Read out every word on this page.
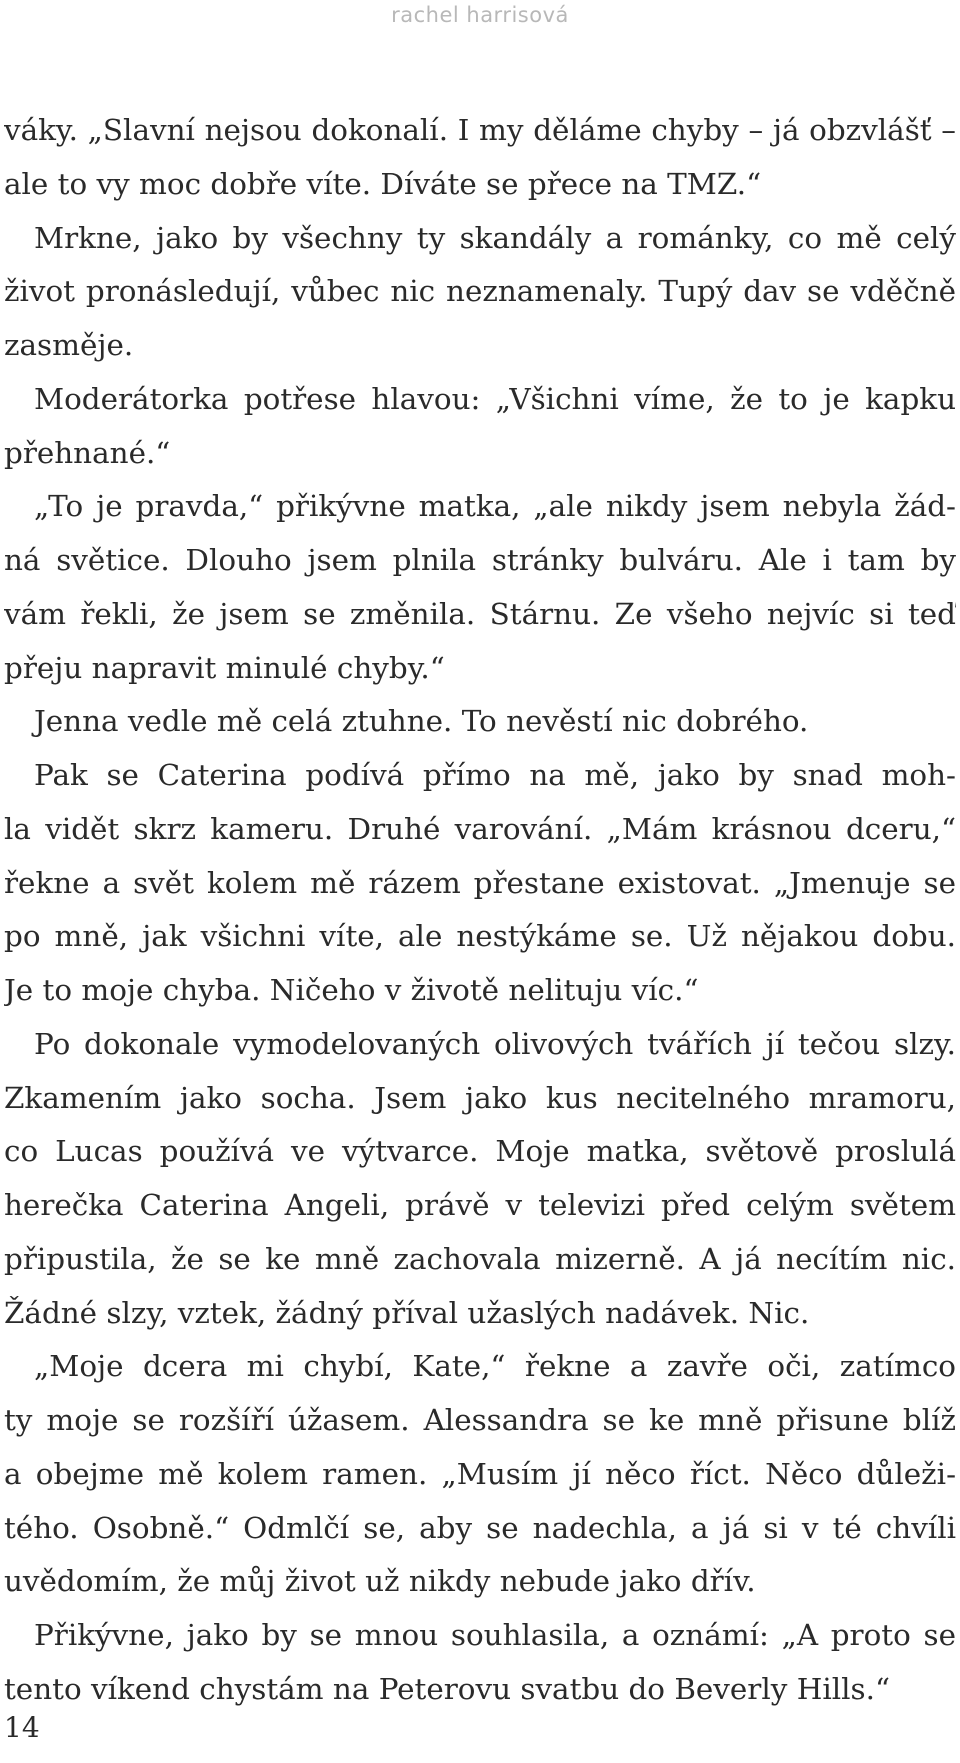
rachel harrisová
váky. „Slavní nejsou dokonalí. I my děláme chyby – já obzvlášť –
ale to vy moc dobře víte. Díváte se přece na TMZ.“
Mrkne, jako by všechny ty skandály a románky, co mě celý
život pronásledují, vůbec nic neznamenaly. Tupý dav se vděčně
zasměje.
Moderátorka potřese hlavou: „Všichni víme, že to je kapku
přehnané.“
„To je pravda,“ přikývne matka, „ale nikdy jsem nebyla žád-
ná světice. Dlouho jsem plnila stránky bulváru. Ale i tam by
vám řekli, že jsem se změnila. Stárnu. Ze všeho nejvíc si teď
přeju napravit minulé chyby.“
Jenna vedle mě celá ztuhne. To nevěstí nic dobrého.
Pak se Caterina podívá přímo na mě, jako by snad moh-
la vidět skrz kameru. Druhé varování. „Mám krásnou dceru,“
řekne a svět kolem mě rázem přestane existovat. „Jmenuje se
po mně, jak všichni víte, ale nestýkáme se. Už nějakou dobu.
Je to moje chyba. Ničeho v životě nelituju víc.“
Po dokonale vymodelovaných olivových tvářích jí tečou slzy.
Zkamením jako socha. Jsem jako kus necitelného mramoru,
co Lucas používá ve výtvarce. Moje matka, světově proslulá
herečka Caterina Angeli, právě v televizi před celým světem
připustila, že se ke mně zachovala mizerně. A já necítím nic.
Žádné slzy, vztek, žádný příval užaslých nadávek. Nic.
„Moje dcera mi chybí, Kate,“ řekne a zavře oči, zatímco
ty moje se rozšíří úžasem. Alessandra se ke mně přisune blíž
a obejme mě kolem ramen. „Musím jí něco říct. Něco důleži-
tého. Osobně.“ Odmlčí se, aby se nadechla, a já si v té chvíli
uvědomím, že můj život už nikdy nebude jako dřív.
Přikývne, jako by se mnou souhlasila, a oznámí: „A proto se
tento víkend chystám na Peterovu svatbu do Beverly Hills.“
14
